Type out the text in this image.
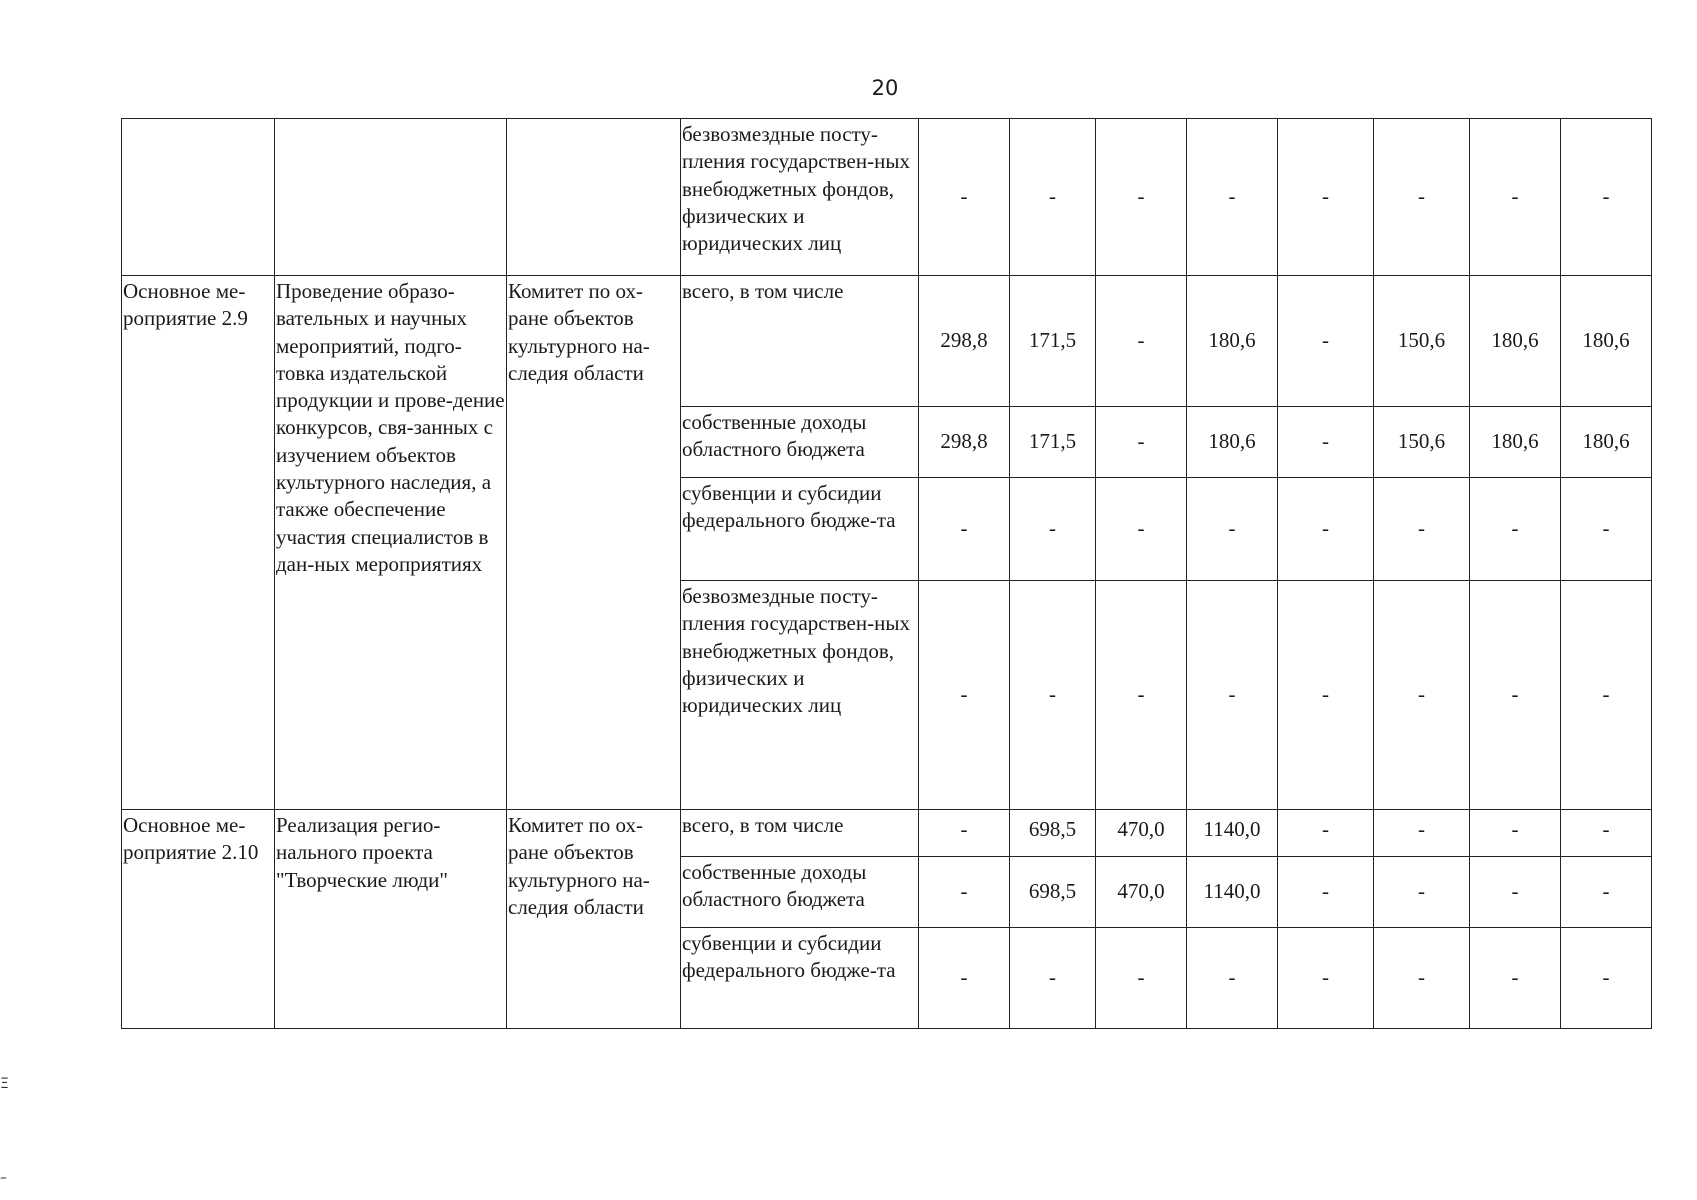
20
			безвозмездные посту-пления государствен-ных внебюджетных фондов, физических и юридических лиц	-	-	-	-	-	-	-	-
Основное ме-роприятие 2.9	Проведение образо-вательных и научных мероприятий, подго-товка издательской продукции и прове-дение конкурсов, свя-занных с изучением объектов культурного наследия, а также обеспечение участия специалистов в дан-ных мероприятиях	Комитет по ох-ране объектов культурного на-следия области	всего, в том числе	298,8	171,5	-	180,6	-	150,6	180,6	180,6
			собственные доходы областного бюджета	298,8	171,5	-	180,6	-	150,6	180,6	180,6
			субвенции и субсидии федерального бюдже-та	-	-	-	-	-	-	-	-
			безвозмездные посту-пления государствен-ных внебюджетных фондов, физических и юридических лиц	-	-	-	-	-	-	-	-
Основное ме-роприятие 2.10	Реализация регио-нального проекта "Творческие люди"	Комитет по ох-ране объектов культурного на-следия области	всего, в том числе	-	698,5	470,0	1140,0	-	-	-	-
			собственные доходы областного бюджета	-	698,5	470,0	1140,0	-	-	-	-
			субвенции и субсидии федерального бюдже-та	-	-	-	-	-	-	-	-
Ξ
–
